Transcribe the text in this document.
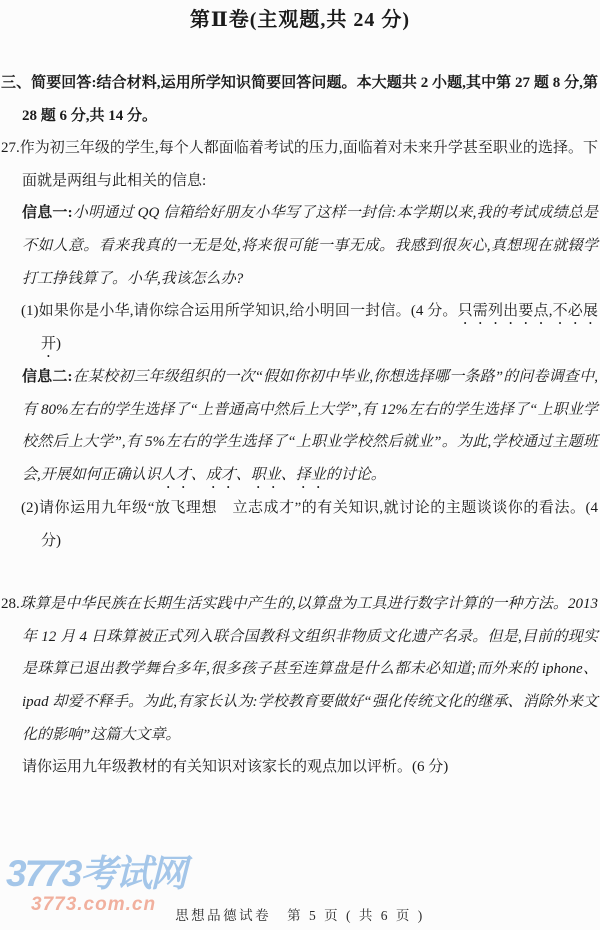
第Ⅱ卷(主观题,共 24 分)

三、简要回答:结合材料,运用所学知识简要回答问题。本大题共 2 小题,其中第 27 题 8 分,第 28 题 6 分,共 14 分。

27.作为初三年级的学生,每个人都面临着考试的压力,面临着对未来升学甚至职业的选择。下面就是两组与此相关的信息:

信息一:小明通过 QQ 信箱给好朋友小华写了这样一封信:本学期以来,我的考试成绩总是不如人意。看来我真的一无是处,将来很可能一事无成。我感到很灰心,真想现在就辍学打工挣钱算了。小华,我该怎么办?

(1)如果你是小华,请你综合运用所学知识,给小明回一封信。(4 分。只需列出要点,不必展开)

信息二:在某校初三年级组织的一次“假如你初中毕业,你想选择哪一条路”的问卷调查中,有 80%左右的学生选择了“上普通高中然后上大学”,有 12%左右的学生选择了“上职业学校然后上大学”,有 5%左右的学生选择了“上职业学校然后就业”。为此,学校通过主题班会,开展如何正确认识人才、成才、职业、择业的讨论。

(2)请你运用九年级“放飞理想　立志成才”的有关知识,就讨论的主题谈谈你的看法。(4 分)

28.珠算是中华民族在长期生活实践中产生的,以算盘为工具进行数字计算的一种方法。2013 年 12 月 4 日珠算被正式列入联合国教科文组织非物质文化遗产名录。但是,目前的现实是珠算已退出教学舞台多年,很多孩子甚至连算盘是什么都未必知道;而外来的 iphone、ipad 却爱不释手。为此,有家长认为:学校教育要做好“强化传统文化的继承、消除外来文化的影响”这篇大文章。

请你运用九年级教材的有关知识对该家长的观点加以评析。(6 分)

3773考试网
3773.com.cn
思想品德试卷　第 5 页 ( 共 6 页 )
